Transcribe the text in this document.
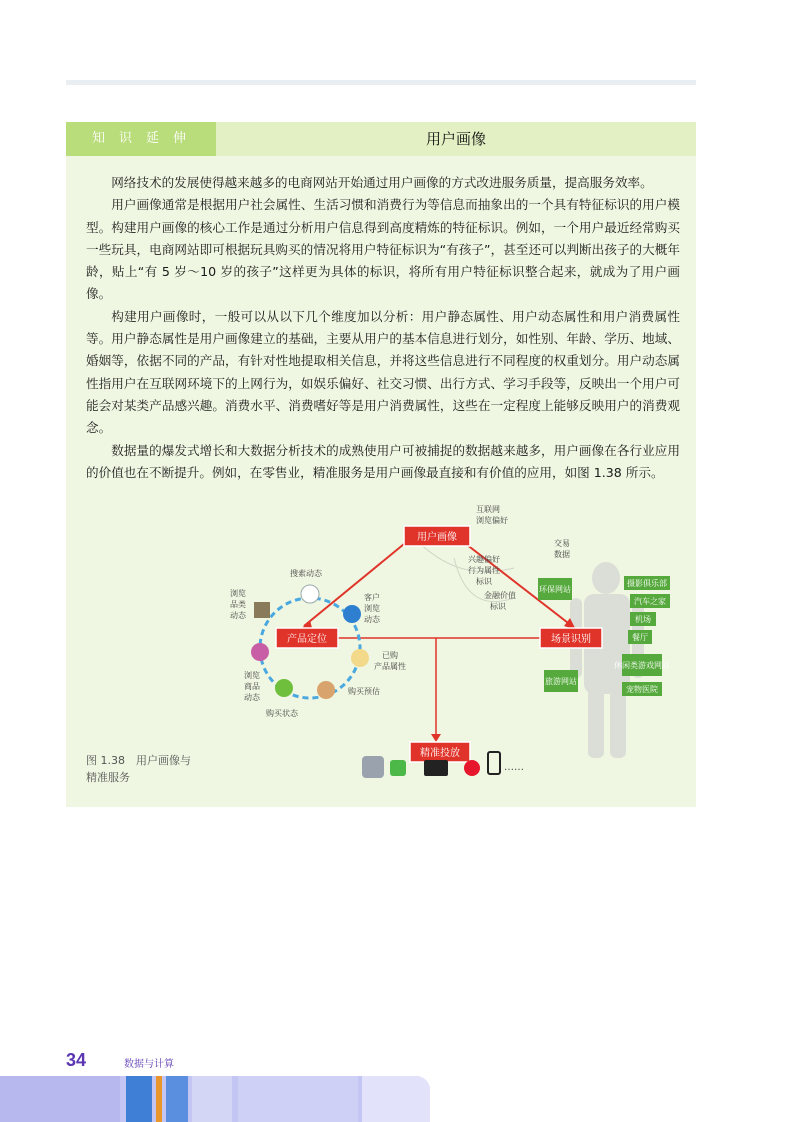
知识延伸	用户画像

网络技术的发展使得越来越多的电商网站开始通过用户画像的方式改进服务质量，提高服务效率。

用户画像通常是根据用户社会属性、生活习惯和消费行为等信息而抽象出的一个具有特征标识的用户模型。构建用户画像的核心工作是通过分析用户信息得到高度精炼的特征标识。例如，一个用户最近经常购买一些玩具，电商网站即可根据玩具购买的情况将用户特征标识为“有孩子”，甚至还可以判断出孩子的大概年龄，贴上“有 5 岁～10 岁的孩子”这样更为具体的标识，将所有用户特征标识整合起来，就成为了用户画像。

构建用户画像时，一般可以从以下几个维度加以分析：用户静态属性、用户动态属性和用户消费属性等。用户静态属性是用户画像建立的基础，主要从用户的基本信息进行划分，如性别、年龄、学历、地域、婚姻等，依据不同的产品，有针对性地提取相关信息，并将这些信息进行不同程度的权重划分。用户动态属性指用户在互联网环境下的上网行为，如娱乐偏好、社交习惯、出行方式、学习手段等，反映出一个用户可能会对某类产品感兴趣。消费水平、消费嗜好等是用户消费属性，这些在一定程度上能够反映用户的消费观念。

数据量的爆发式增长和大数据分析技术的成熟使用户可被捕捉的数据越来越多，用户画像在各行业应用的价值也在不断提升。例如，在零售业，精准服务是用户画像最直接和有价值的应用，如图 1.38 所示。

搜索动态
客户
浏览
动态
浏览
品类
动态
已购
产品属性
浏览
商品
动态
购买预估
购买状态
互联网
浏览偏好
交易
数据
兴趣偏好
行为属性
标识
金融价值
标识
……
用户画像
产品定位	场景识别
精准投放
环保网站
旅游网站
摄影俱乐部
汽车之家
机场
餐厅
休闲类游戏网站
宠物医院
图 1.38　用户画像与
精准服务
34	数据与计算
